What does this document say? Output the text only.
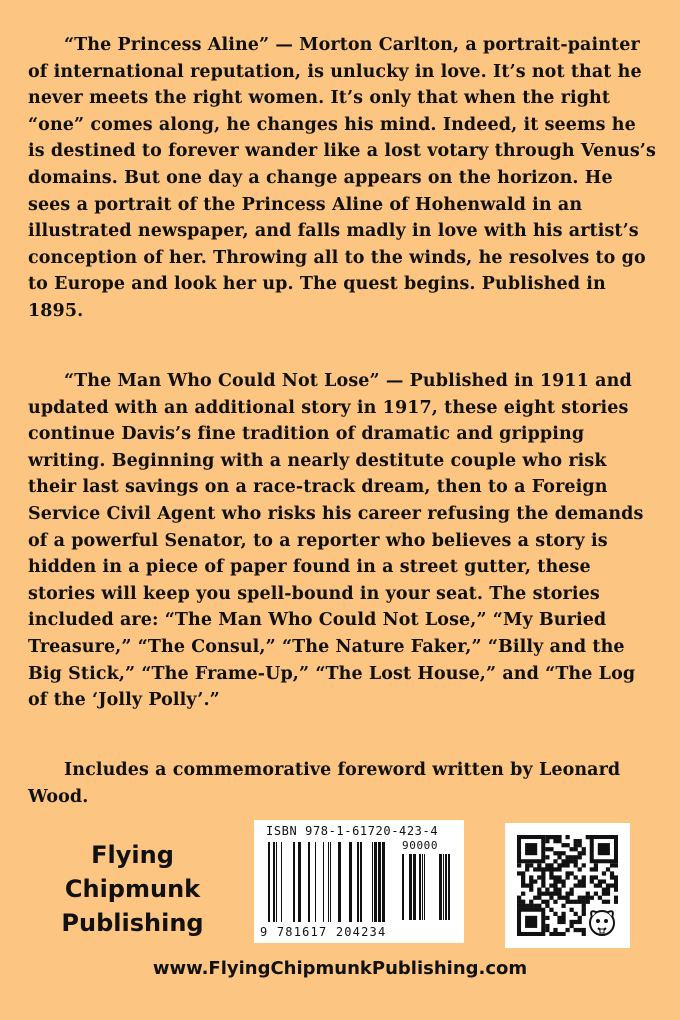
“The Princess Aline” — Morton Carlton, a portrait-painter of international reputation, is unlucky in love. It’s not that he never meets the right women. It’s only that when the right “one” comes along, he changes his mind. Indeed, it seems he is destined to forever wander like a lost votary through Venus’s domains. But one day a change appears on the horizon. He sees a portrait of the Princess Aline of Hohenwald in an illustrated newspaper, and falls madly in love with his artist’s conception of her. Throwing all to the winds, he resolves to go to Europe and look her up. The quest begins. Published in 1895.

“The Man Who Could Not Lose” — Published in 1911 and updated with an additional story in 1917, these eight stories continue Davis’s fine tradition of dramatic and gripping writing. Beginning with a nearly destitute couple who risk their last savings on a race-track dream, then to a Foreign Service Civil Agent who risks his career refusing the demands of a powerful Senator, to a reporter who believes a story is hidden in a piece of paper found in a street gutter, these stories will keep you spell-bound in your seat. The stories included are: “The Man Who Could Not Lose,” “My Buried Treasure,” “The Consul,” “The Nature Faker,” “Billy and the Big Stick,” “The Frame-Up,” “The Lost House,” and “The Log of the ‘Jolly Polly’.”

Includes a commemorative foreword written by Leonard Wood.

Flying
Chipmunk
Publishing
ISBN 978-1-61720-423-4
90000
9 781617 204234
www.FlyingChipmunkPublishing.com
